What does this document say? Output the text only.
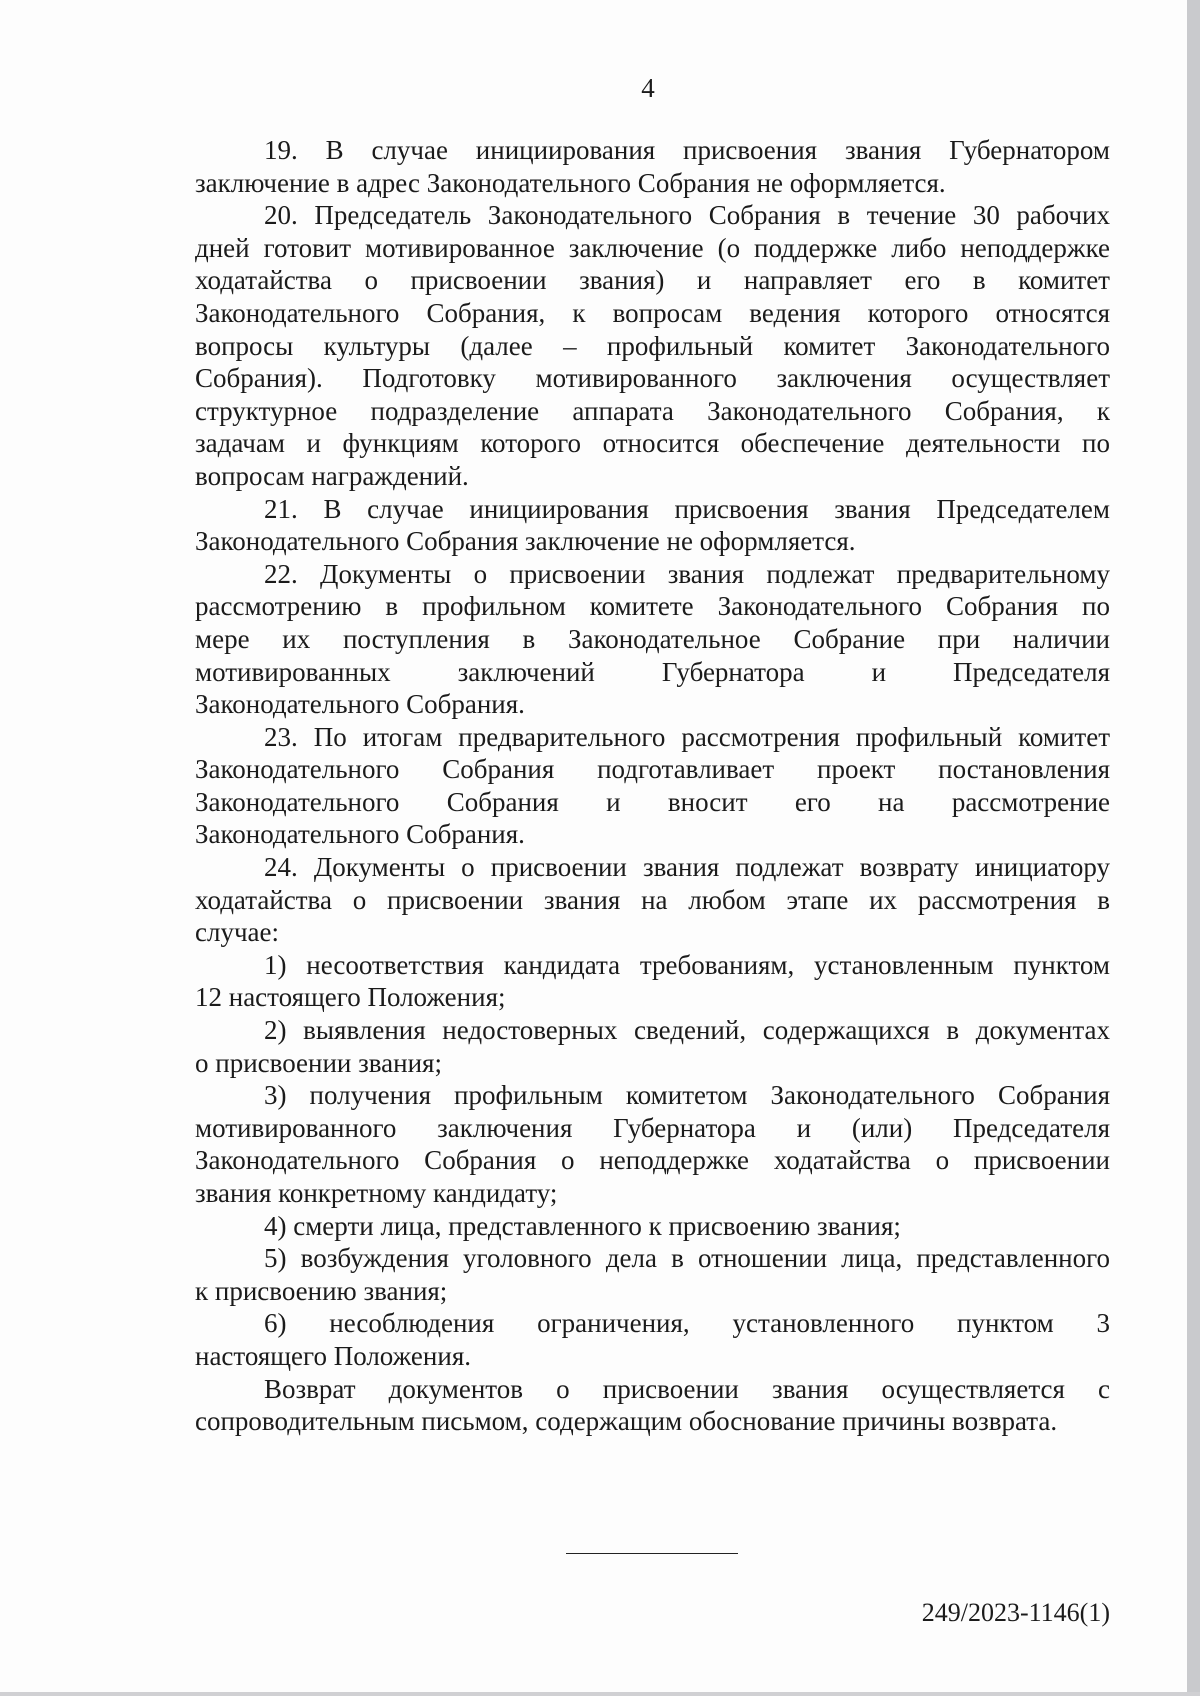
4
19. В случае инициирования присвоения звания Губернатором
заключение в адрес Законодательного Собрания не оформляется.
20. Председатель Законодательного Собрания в течение 30 рабочих
дней готовит мотивированное заключение (о поддержке либо неподдержке
ходатайства о присвоении звания) и направляет его в комитет
Законодательного Собрания, к вопросам ведения которого относятся
вопросы культуры (далее – профильный комитет Законодательного
Собрания). Подготовку мотивированного заключения осуществляет
структурное подразделение аппарата Законодательного Собрания, к
задачам и функциям которого относится обеспечение деятельности по
вопросам награждений.
21. В случае инициирования присвоения звания Председателем
Законодательного Собрания заключение не оформляется.
22. Документы о присвоении звания подлежат предварительному
рассмотрению в профильном комитете Законодательного Собрания по
мере их поступления в Законодательное Собрание при наличии
мотивированных заключений Губернатора и Председателя
Законодательного Собрания.
23. По итогам предварительного рассмотрения профильный комитет
Законодательного Собрания подготавливает проект постановления
Законодательного Собрания и вносит его на рассмотрение
Законодательного Собрания.
24. Документы о присвоении звания подлежат возврату инициатору
ходатайства о присвоении звания на любом этапе их рассмотрения в
случае:
1) несоответствия кандидата требованиям, установленным пунктом
12 настоящего Положения;
2) выявления недостоверных сведений, содержащихся в документах
о присвоении звания;
3) получения профильным комитетом Законодательного Собрания
мотивированного заключения Губернатора и (или) Председателя
Законодательного Собрания о неподдержке ходатайства о присвоении
звания конкретному кандидату;
4) смерти лица, представленного к присвоению звания;
5) возбуждения уголовного дела в отношении лица, представленного
к присвоению звания;
6) несоблюдения ограничения, установленного пунктом 3
настоящего Положения.
Возврат документов о присвоении звания осуществляется с
сопроводительным письмом, содержащим обоснование причины возврата.
249/2023-1146(1)
